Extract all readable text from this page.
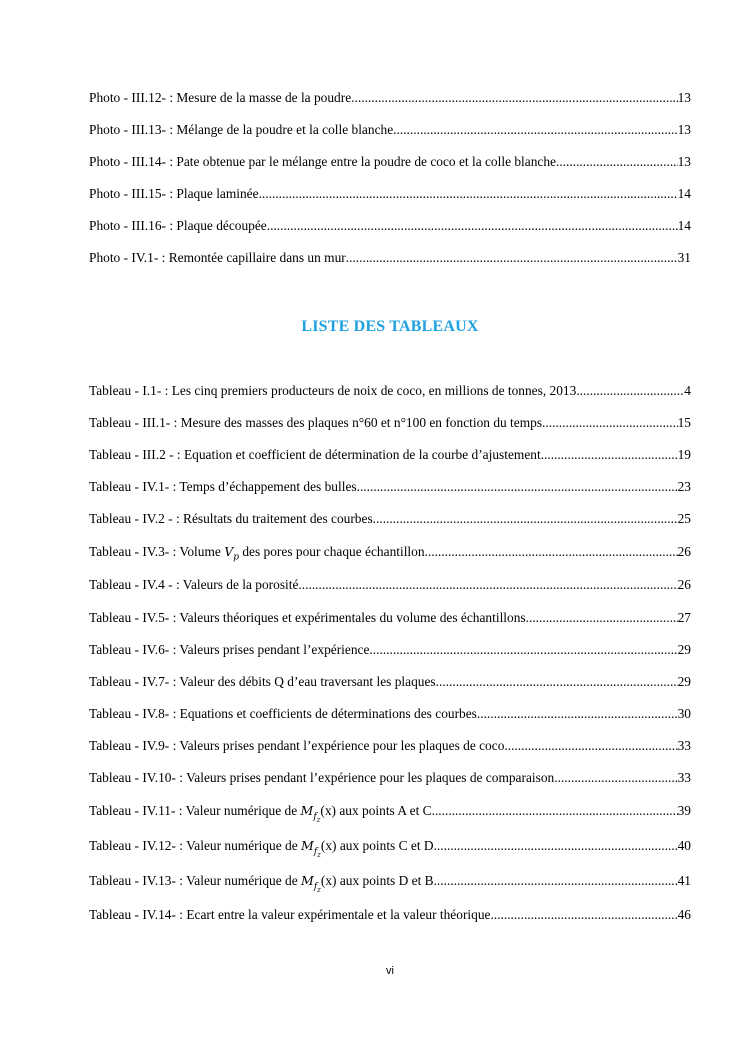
Photo - III.12- : Mesure de la masse de la poudre .....	13
Photo - III.13- : Mélange de la poudre et la colle blanche .....	13
Photo - III.14- : Pate obtenue par le mélange entre la poudre de coco et la colle blanche .....	13
Photo - III.15- : Plaque laminée .....	14
Photo - III.16- : Plaque découpée .....	14
Photo - IV.1- : Remontée capillaire dans un mur .....	31
LISTE DES TABLEAUX
Tableau - I.1- : Les cinq premiers producteurs de noix de coco, en millions de tonnes, 2013 .....	4
Tableau - III.1- : Mesure des masses des plaques n°60 et n°100 en fonction du temps .....	15
Tableau - III.2 - : Equation et coefficient de détermination de la courbe d’ajustement .....	19
Tableau - IV.1- : Temps d’échappement des bulles .....	23
Tableau - IV.2 - : Résultats du traitement des courbes .....	25
Tableau - IV.3- : Volume $V_p$ des pores pour chaque échantillon .....	26
Tableau - IV.4 - : Valeurs de la porosité .....	26
Tableau - IV.5- : Valeurs théoriques et expérimentales du volume des échantillons .....	27
Tableau - IV.6- : Valeurs prises pendant l’expérience .....	29
Tableau - IV.7- : Valeur des débits Q d’eau traversant les plaques .....	29
Tableau - IV.8- : Equations et coefficients de déterminations des courbes .....	30
Tableau - IV.9- : Valeurs prises pendant l’expérience pour les plaques de coco .....	33
Tableau - IV.10- : Valeurs prises pendant l’expérience pour les plaques de comparaison .....	33
Tableau - IV.11- : Valeur numérique de $M_{f_z}(x)$ aux points A et C .....	39
Tableau - IV.12- : Valeur numérique de $M_{f_z}(x)$ aux points C et D .....	40
Tableau - IV.13- : Valeur numérique de $M_{f_z}(x)$ aux points D et B .....	41
Tableau - IV.14- : Ecart entre la valeur expérimentale et la valeur théorique .....	46
vi
